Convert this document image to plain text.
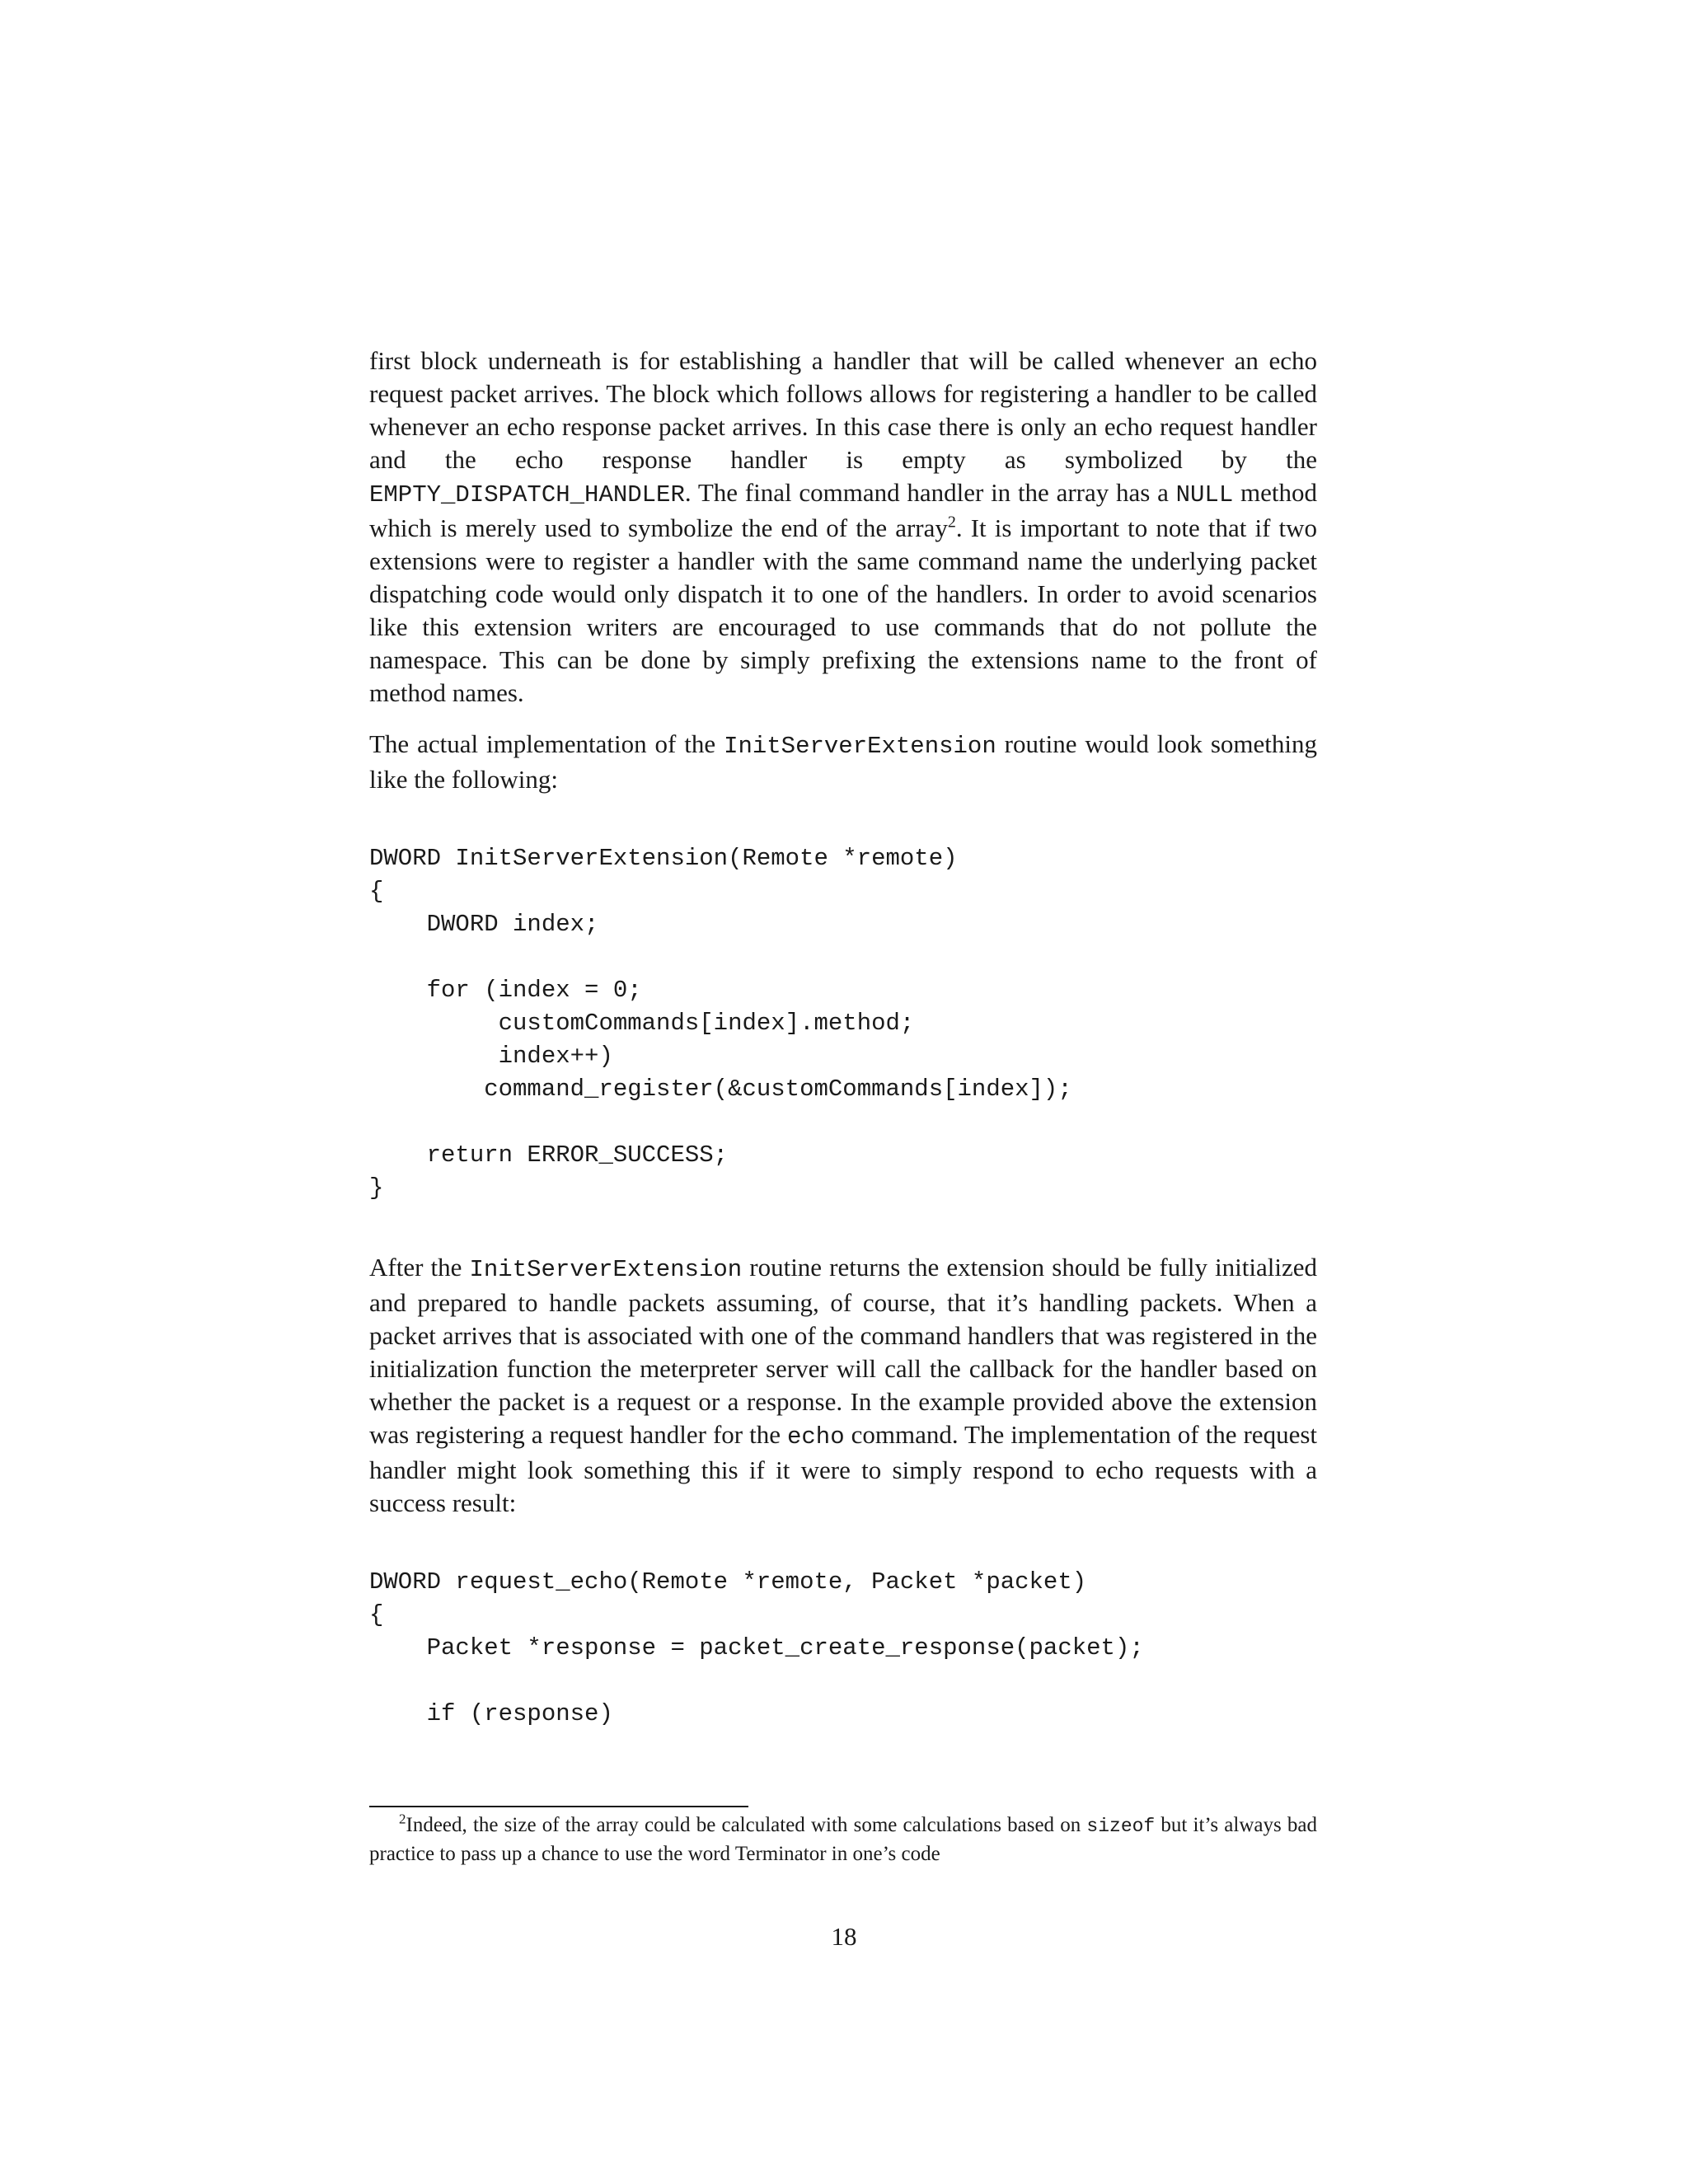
first block underneath is for establishing a handler that will be called whenever an echo request packet arrives. The block which follows allows for registering a handler to be called whenever an echo response packet arrives. In this case there is only an echo request handler and the echo response handler is empty as symbolized by the EMPTY_DISPATCH_HANDLER. The final command handler in the array has a NULL method which is merely used to symbolize the end of the array$^2$. It is important to note that if two extensions were to register a handler with the same command name the underlying packet dispatching code would only dispatch it to one of the handlers. In order to avoid scenarios like this extension writers are encouraged to use commands that do not pollute the namespace. This can be done by simply prefixing the extensions name to the front of method names.

The actual implementation of the InitServerExtension routine would look something like the following:

DWORD InitServerExtension(Remote *remote)
{
DWORD index;

for (index = 0;
customCommands[index].method;
index++)
command_register(&customCommands[index]);

return ERROR_SUCCESS;
}

After the InitServerExtension routine returns the extension should be fully initialized and prepared to handle packets assuming, of course, that it’s handling packets. When a packet arrives that is associated with one of the command handlers that was registered in the initialization function the meterpreter server will call the callback for the handler based on whether the packet is a request or a response. In the example provided above the extension was registering a request handler for the echo command. The implementation of the request handler might look something this if it were to simply respond to echo requests with a success result:

DWORD request_echo(Remote *remote, Packet *packet)
{
Packet *response = packet_create_response(packet);

if (response)

$^2$Indeed, the size of the array could be calculated with some calculations based on sizeof but it’s always bad practice to pass up a chance to use the word Terminator in one’s code

18
